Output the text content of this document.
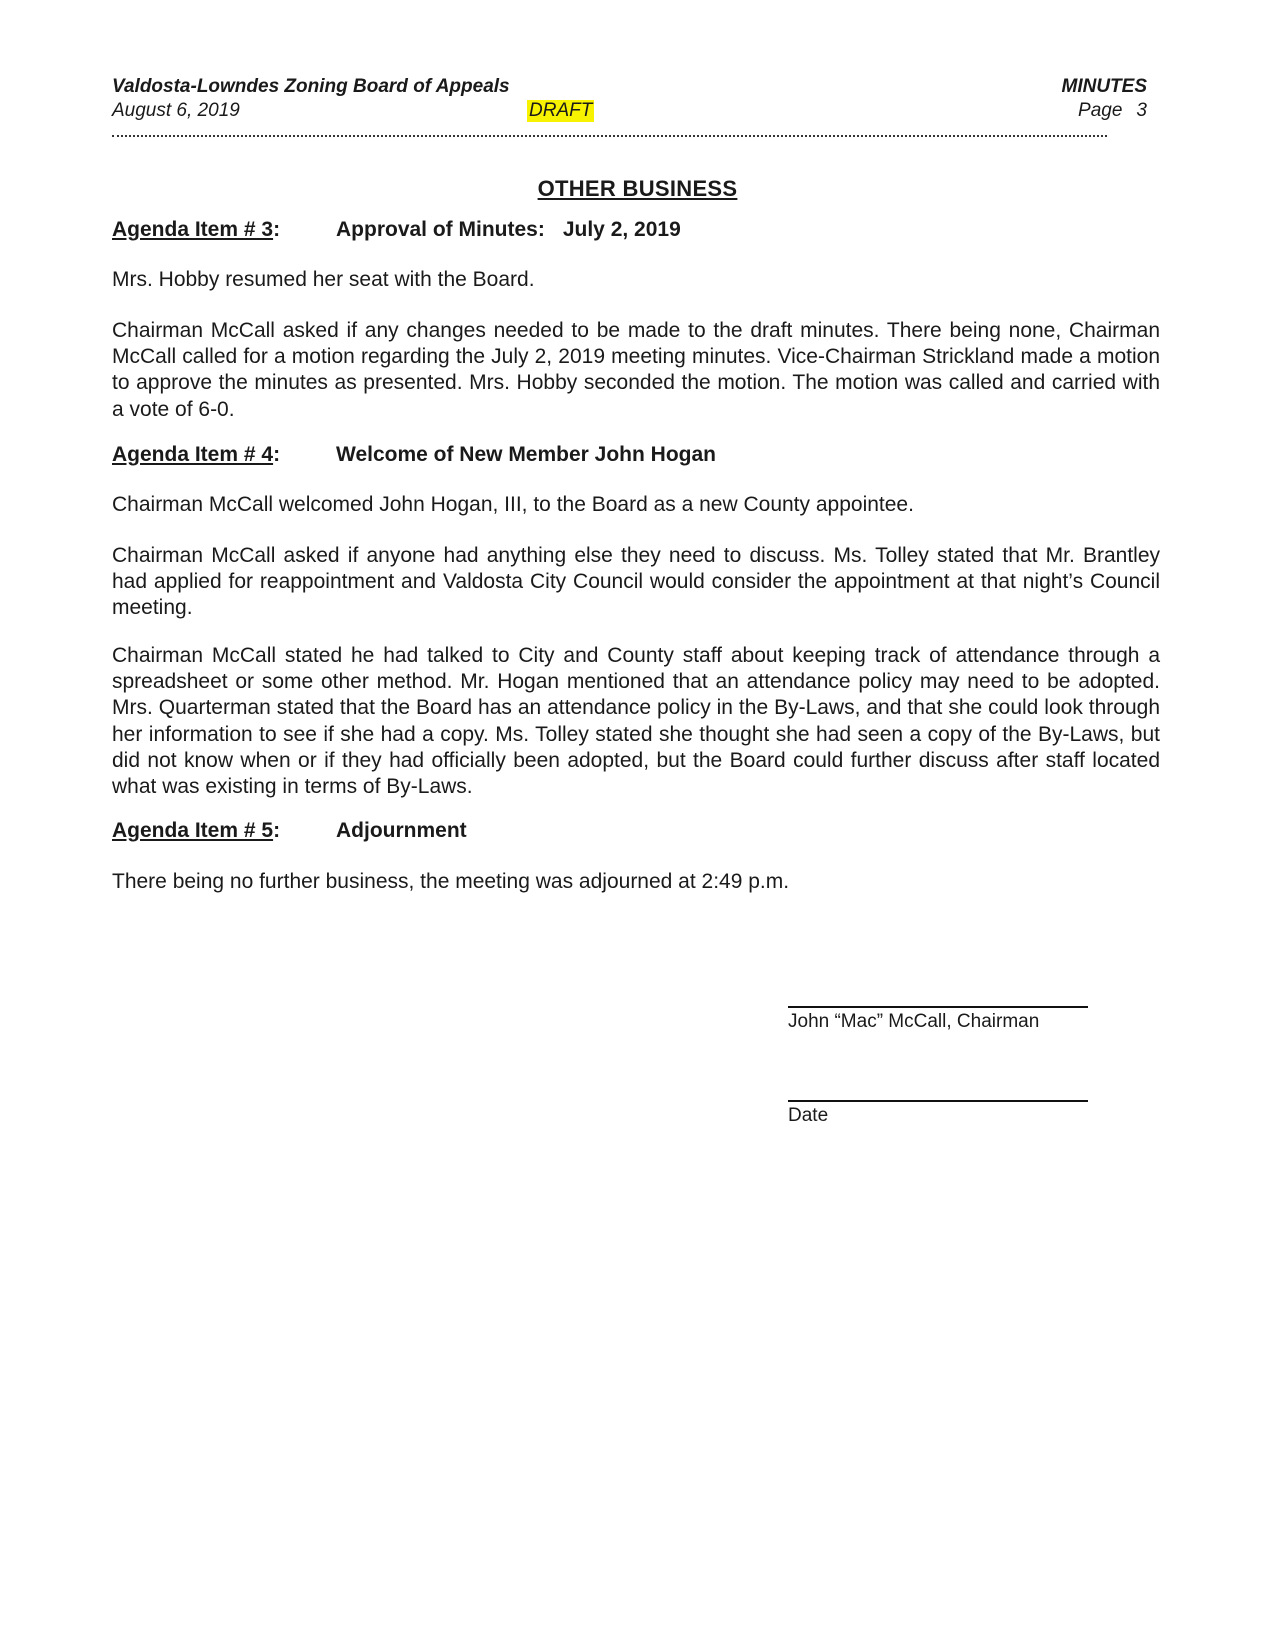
Valdosta-Lowndes Zoning Board of Appeals	MINUTES
August 6, 2019	DRAFT	Page 3
OTHER BUSINESS
Agenda Item # 3:	Approval of Minutes: July 2, 2019
Mrs. Hobby resumed her seat with the Board.
Chairman McCall asked if any changes needed to be made to the draft minutes. There being none, Chairman McCall called for a motion regarding the July 2, 2019 meeting minutes. Vice-Chairman Strickland made a motion to approve the minutes as presented. Mrs. Hobby seconded the motion. The motion was called and carried with a vote of 6-0.
Agenda Item # 4:	Welcome of New Member John Hogan
Chairman McCall welcomed John Hogan, III, to the Board as a new County appointee.
Chairman McCall asked if anyone had anything else they need to discuss. Ms. Tolley stated that Mr. Brantley had applied for reappointment and Valdosta City Council would consider the appointment at that night’s Council meeting.
Chairman McCall stated he had talked to City and County staff about keeping track of attendance through a spreadsheet or some other method. Mr. Hogan mentioned that an attendance policy may need to be adopted. Mrs. Quarterman stated that the Board has an attendance policy in the By-Laws, and that she could look through her information to see if she had a copy. Ms. Tolley stated she thought she had seen a copy of the By-Laws, but did not know when or if they had officially been adopted, but the Board could further discuss after staff located what was existing in terms of By-Laws.
Agenda Item # 5:	Adjournment
There being no further business, the meeting was adjourned at 2:49 p.m.
John “Mac” McCall, Chairman
Date
